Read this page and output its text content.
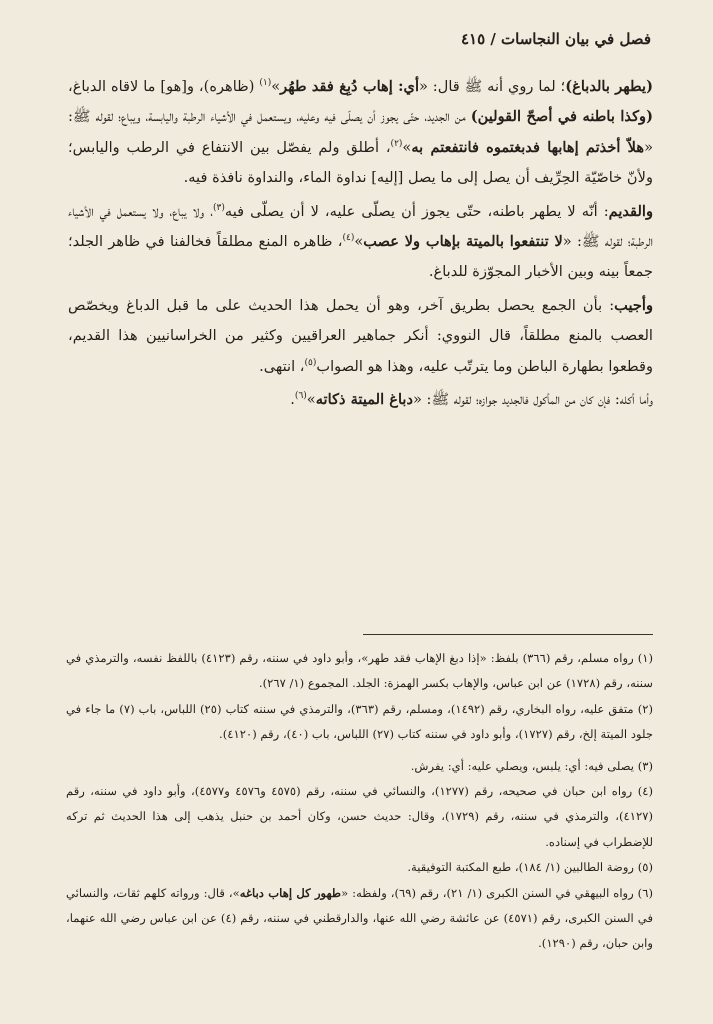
فصل في بيان النجاسات / ٤١٥

(يطهر بالدباغ)؛ لما روي أنه ﷺ قال: «أي: إهاب دُبِغ فقد طهُر»$^{(١)}$ (ظاهره)، و[هو] ما لاقاه الدباغ، (وكذا باطنه في أصحّ القولين) من الجديد، حتّى يجوز أن يصلّى فيه وعليه، ويستعمل في الأشياء الرطبة واليابسة، ويباع؛ لقوله ﷺ: «هلاّ أخذتم إهابها فدبغتموه فانتفعتم به»$^{(٢)}$، أطلق ولم يفصّل بين الانتفاع في الرطب واليابس؛ ولأنّ خاصّيّة الحِرِّيف أن يصل إلى ما يصل [إليه] نداوة الماء، والنداوة نافذة فيه.

والقديم: أنّه لا يطهر باطنه، حتّى يجوز أن يصلّى عليه، لا أن يصلّى فيه$^{(٣)}$، ولا يباع، ولا يستعمل في الأشياء الرطبة؛ لقوله ﷺ: «لا تنتفعوا بالميتة بإهاب ولا عصب»$^{(٤)}$، ظاهره المنع مطلقاً فخالفنا في ظاهر الجلد؛ جمعاً بينه وبين الأخبار المجوّزة للدباغ.

وأجيب: بأن الجمع يحصل بطريق آخر، وهو أن يحمل هذا الحديث على ما قبل الدباغ ويخصّص العصب بالمنع مطلقاً، قال النووي: أنكر جماهير العراقيين وكثير من الخراسانيين هذا القديم، وقطعوا بطهارة الباطن وما يترتّب عليه، وهذا هو الصواب$^{(٥)}$، انتهى.

وأما أكله: فإن كان من المأكول فالجديد جوازه؛ لقوله ﷺ: «دباغ الميتة ذكاته»$^{(٦)}$.

(١) رواه مسلم، رقم (٣٦٦) بلفظ: «إذا دبغ الإهاب فقد طهر»، وأبو داود في سننه، رقم (٤١٢٣) باللفظ نفسه، والترمذي في سننه، رقم (١٧٢٨) عن ابن عباس، والإهاب بكسر الهمزة: الجلد. المجموع (١/ ٢٦٧).

(٢) متفق عليه، رواه البخاري، رقم (١٤٩٢)، ومسلم، رقم (٣٦٣)، والترمذي في سننه كتاب (٢٥) اللباس، باب (٧) ما جاء في جلود الميتة إلخ، رقم (١٧٢٧)، وأبو داود في سننه كتاب (٢٧) اللباس، باب (٤٠)، رقم (٤١٢٠).

(٣) يصلى فيه: أي: يلبس، ويصلي عليه: أي: يفرش.

(٤) رواه ابن حبان في صحيحه، رقم (١٢٧٧)، والنسائي في سننه، رقم (٤٥٧٥ و٤٥٧٦ و٤٥٧٧)، وأبو داود في سننه، رقم (٤١٢٧)، والترمذي في سننه، رقم (١٧٢٩)، وقال: حديث حسن، وكان أحمد بن حنبل يذهب إلى هذا الحديث ثم تركه للإضطراب في إسناده.

(٥) روضة الطالبين (١/ ١٨٤)، طبع المكتبة التوفيقية.

(٦) رواه البيهقي في السنن الكبرى (١/ ٢١)، رقم (٦٩)، ولفظه: «طهور كل إهاب دباغه»، قال: ورواته كلهم ثقات، والنسائي في السنن الكبرى، رقم (٤٥٧١) عن عائشة رضي الله عنها، والدارقطني في سننه، رقم (٤) عن ابن عباس رضي الله عنهما، وابن حبان، رقم (١٢٩٠).
